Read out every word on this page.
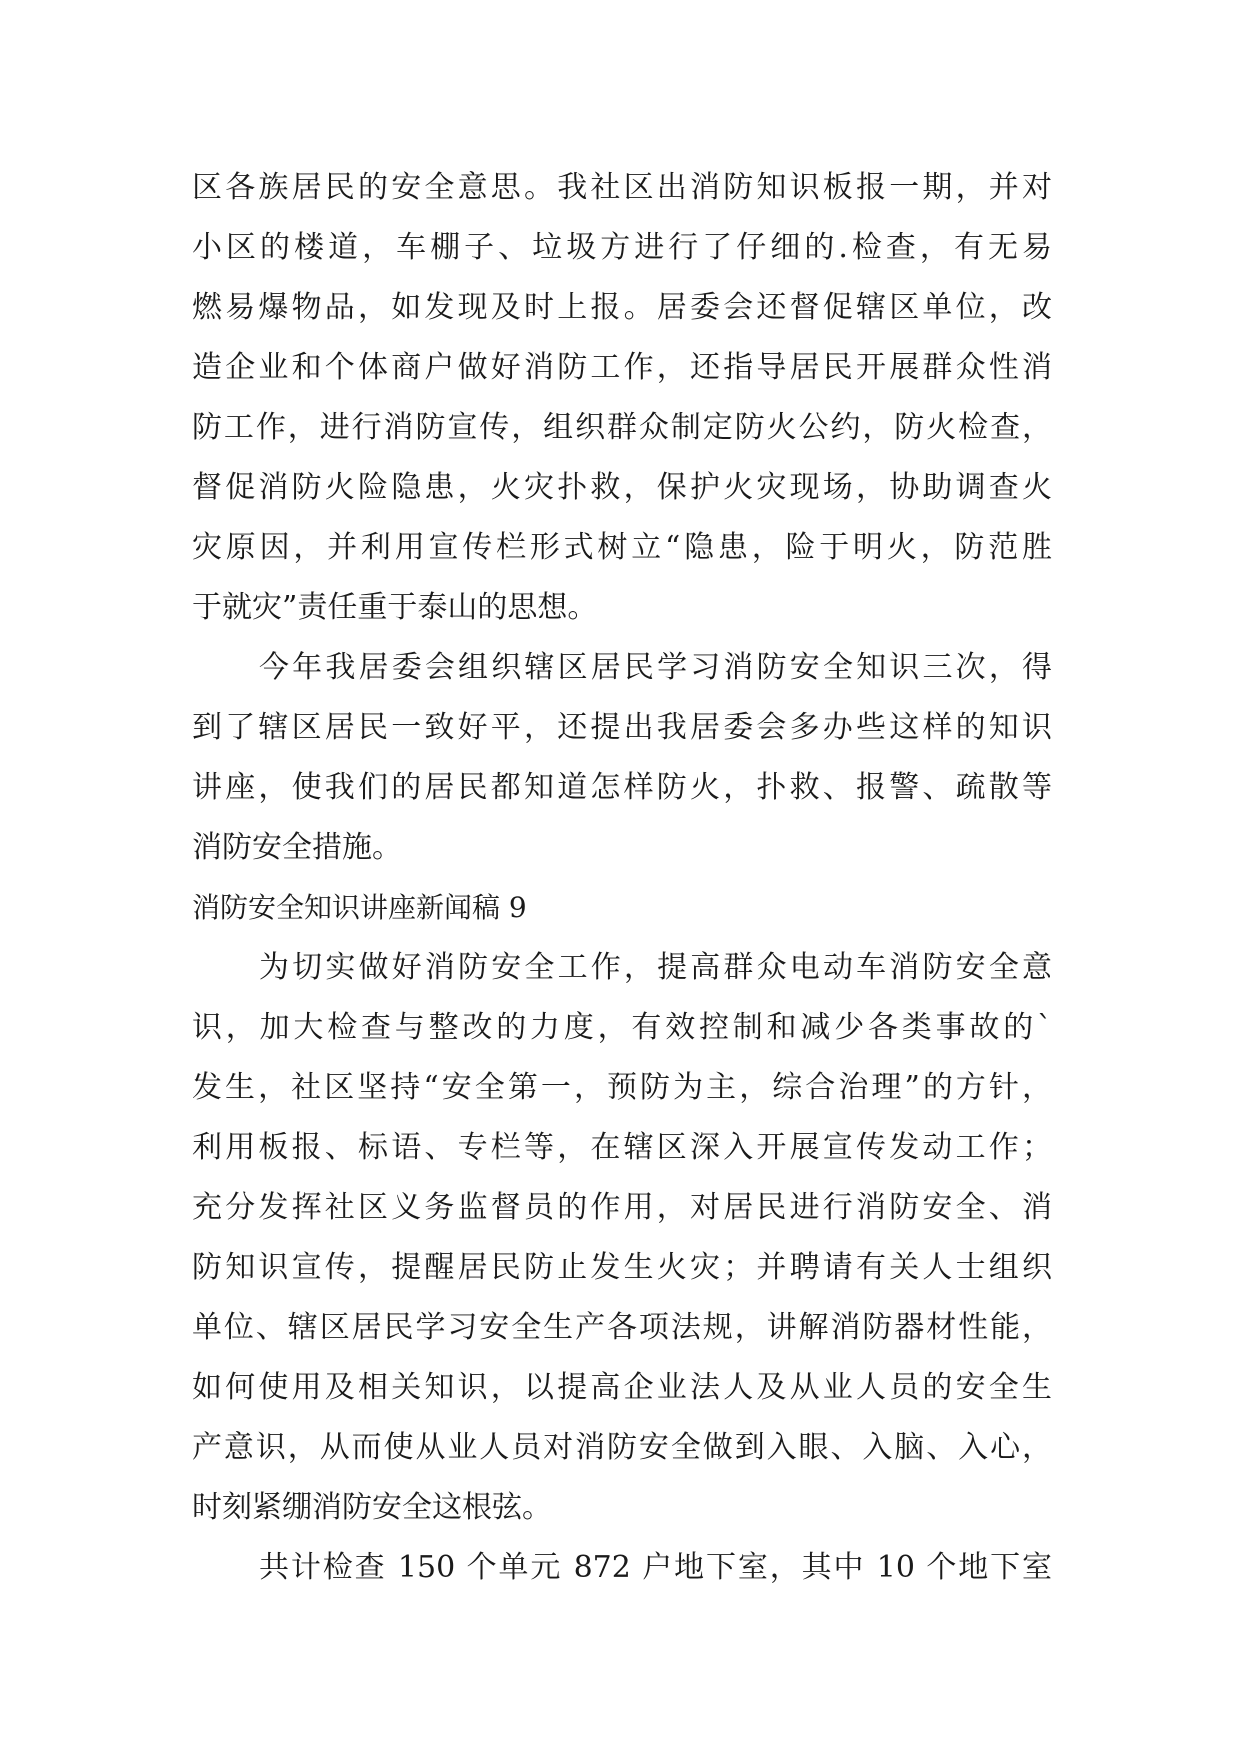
区各族居民的安全意思。我社区出消防知识板报一期，并对
小区的楼道，车棚子、垃圾方进行了仔细的.检查，有无易
燃易爆物品，如发现及时上报。居委会还督促辖区单位，改
造企业和个体商户做好消防工作，还指导居民开展群众性消
防工作，进行消防宣传，组织群众制定防火公约，防火检查，
督促消防火险隐患，火灾扑救，保护火灾现场，协助调查火
灾原因，并利用宣传栏形式树立“隐患，险于明火，防范胜
于就灾”责任重于泰山的思想。
今年我居委会组织辖区居民学习消防安全知识三次，得
到了辖区居民一致好平，还提出我居委会多办些这样的知识
讲座，使我们的居民都知道怎样防火，扑救、报警、疏散等
消防安全措施。
消防安全知识讲座新闻稿 9
为切实做好消防安全工作，提高群众电动车消防安全意
识，加大检查与整改的力度，有效控制和减少各类事故的`
发生，社区坚持“安全第一，预防为主，综合治理”的方针，
利用板报、标语、专栏等，在辖区深入开展宣传发动工作；
充分发挥社区义务监督员的作用，对居民进行消防安全、消
防知识宣传，提醒居民防止发生火灾；并聘请有关人士组织
单位、辖区居民学习安全生产各项法规，讲解消防器材性能，
如何使用及相关知识，以提高企业法人及从业人员的安全生
产意识，从而使从业人员对消防安全做到入眼、入脑、入心，
时刻紧绷消防安全这根弦。
共计检查 150 个单元 872 户地下室，其中 10 个地下室
